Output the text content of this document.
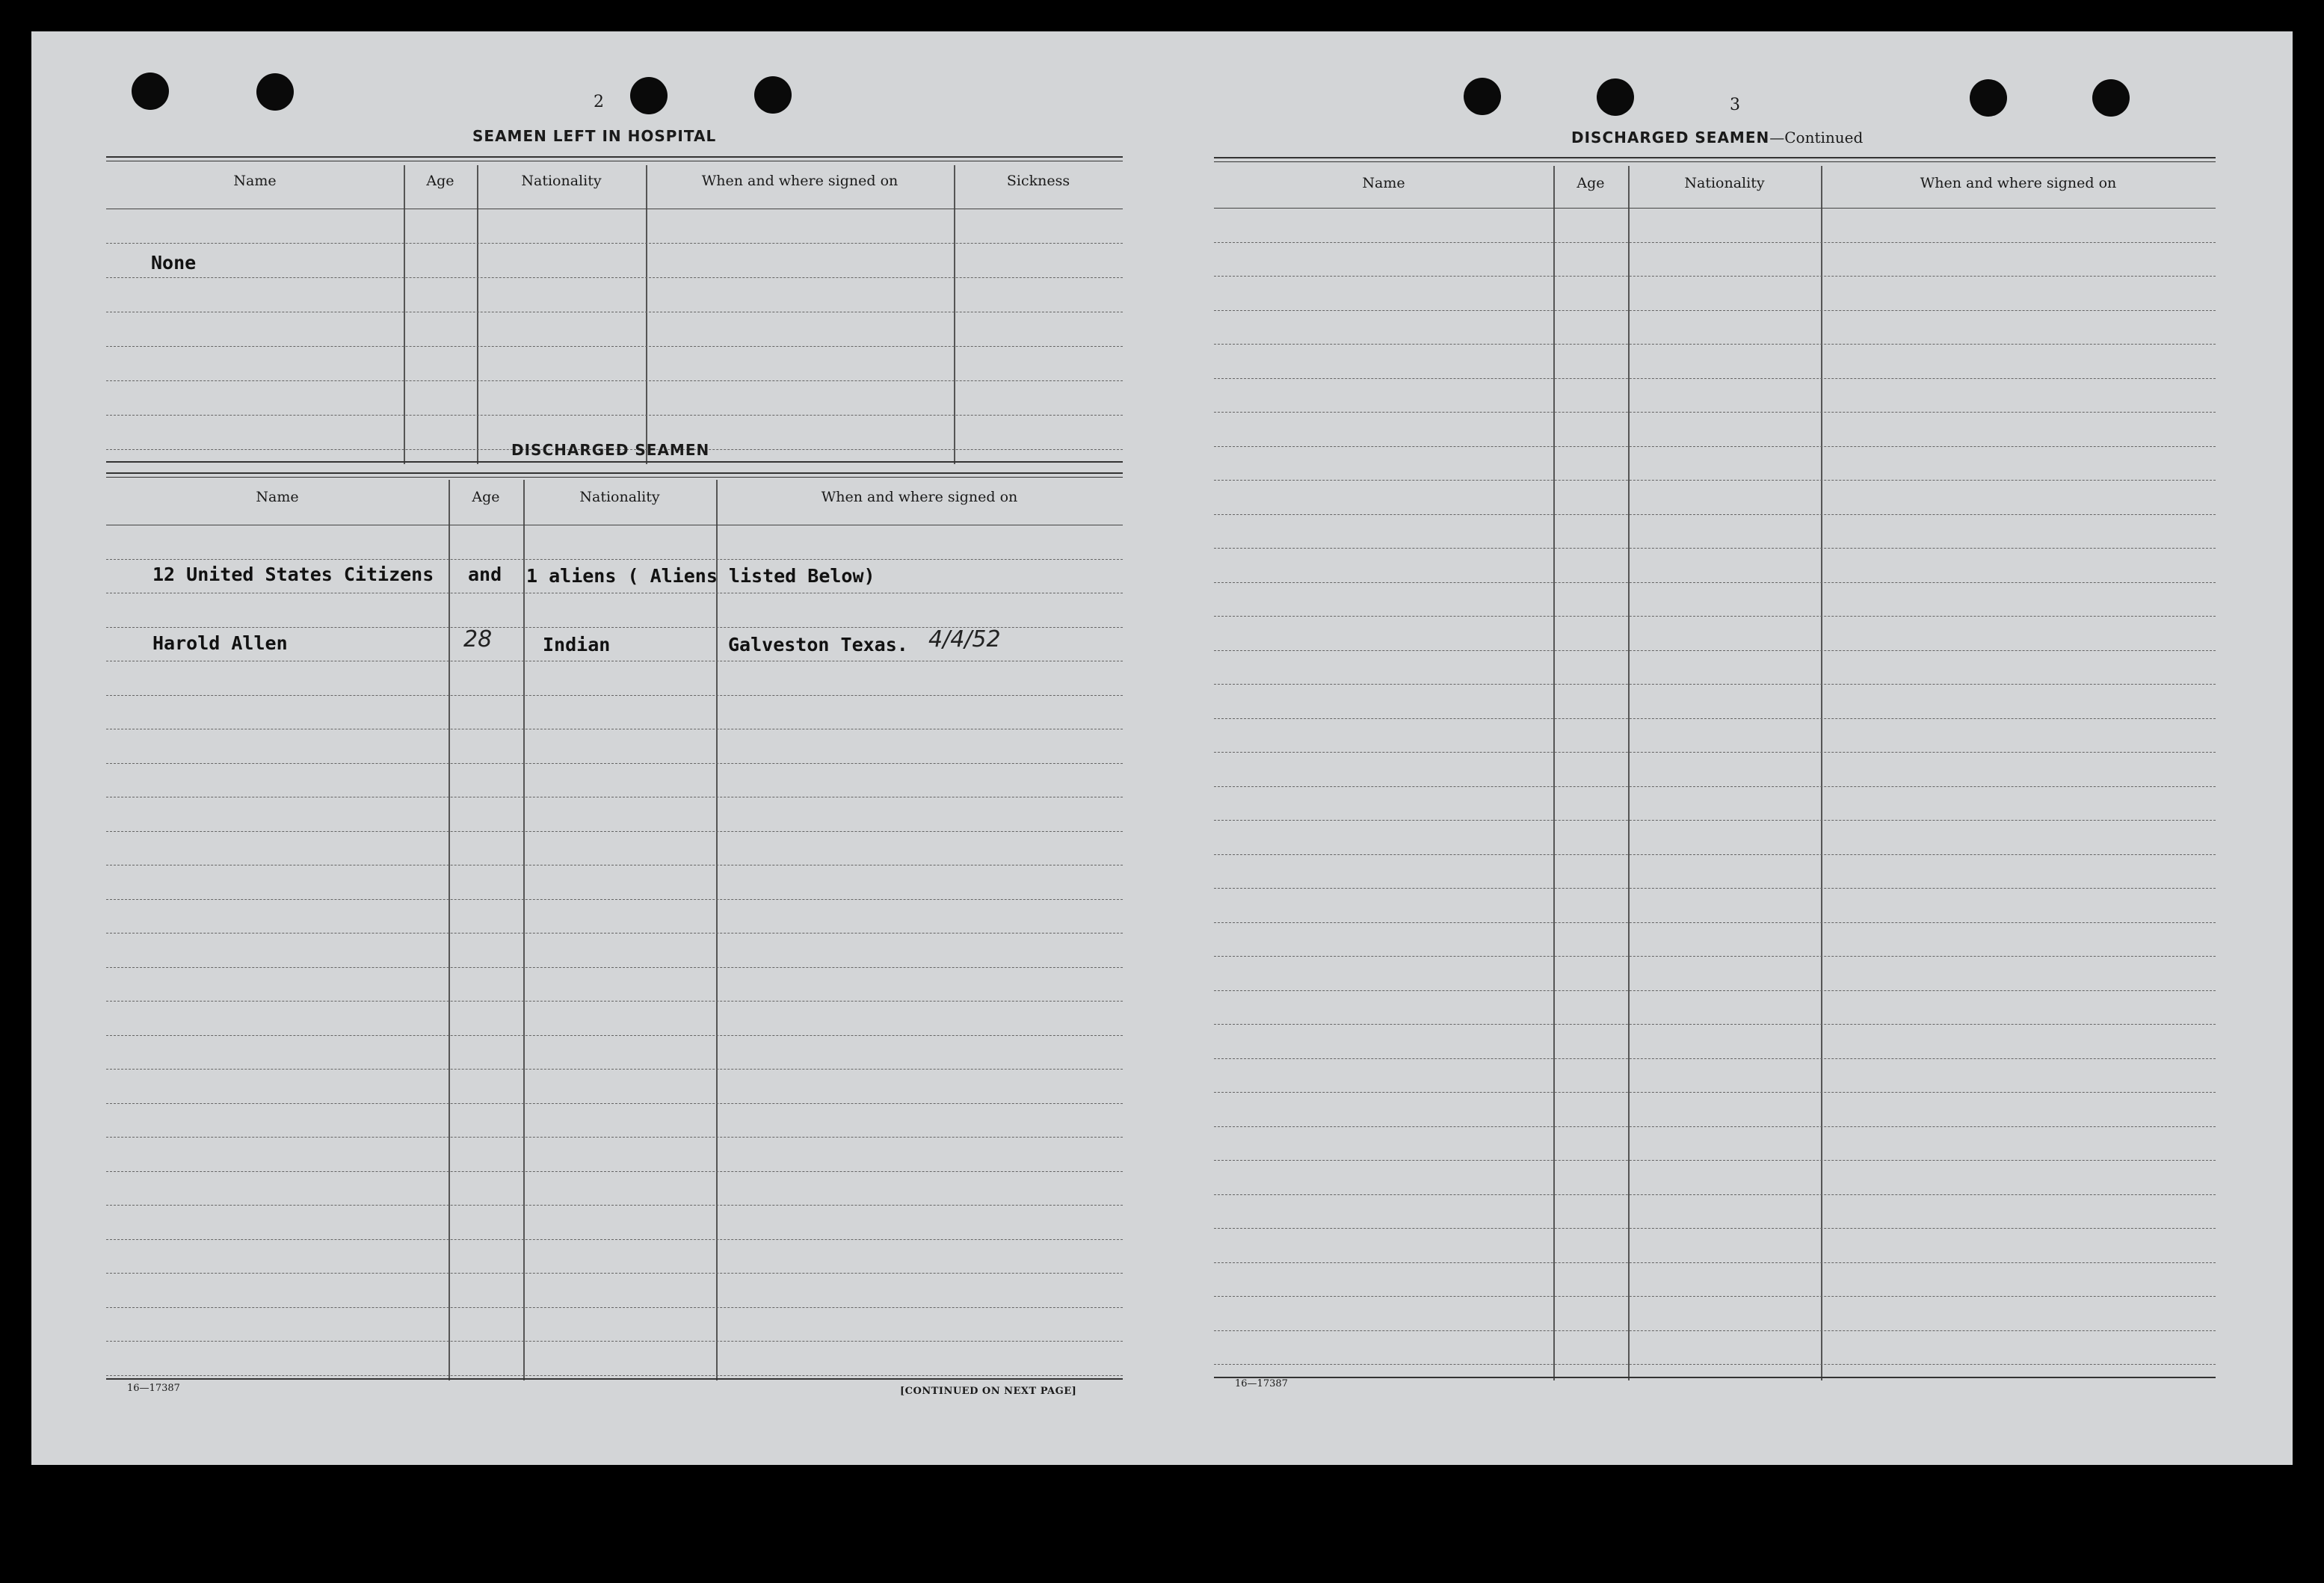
2
SEAMEN LEFT IN HOSPITAL
Name	Age	Nationality	When and where signed on	Sickness
None
DISCHARGED SEAMEN
Name	Age	Nationality	When and where signed on
12 United States Citizens and 1 aliens ( Aliens listed Below)
Harold Allen	28	Indian	Galveston Texas. 4/4/52
16—17387	[CONTINUED ON NEXT PAGE]
3
DISCHARGED SEAMEN—Continued
Name	Age	Nationality	When and where signed on
16—17387
